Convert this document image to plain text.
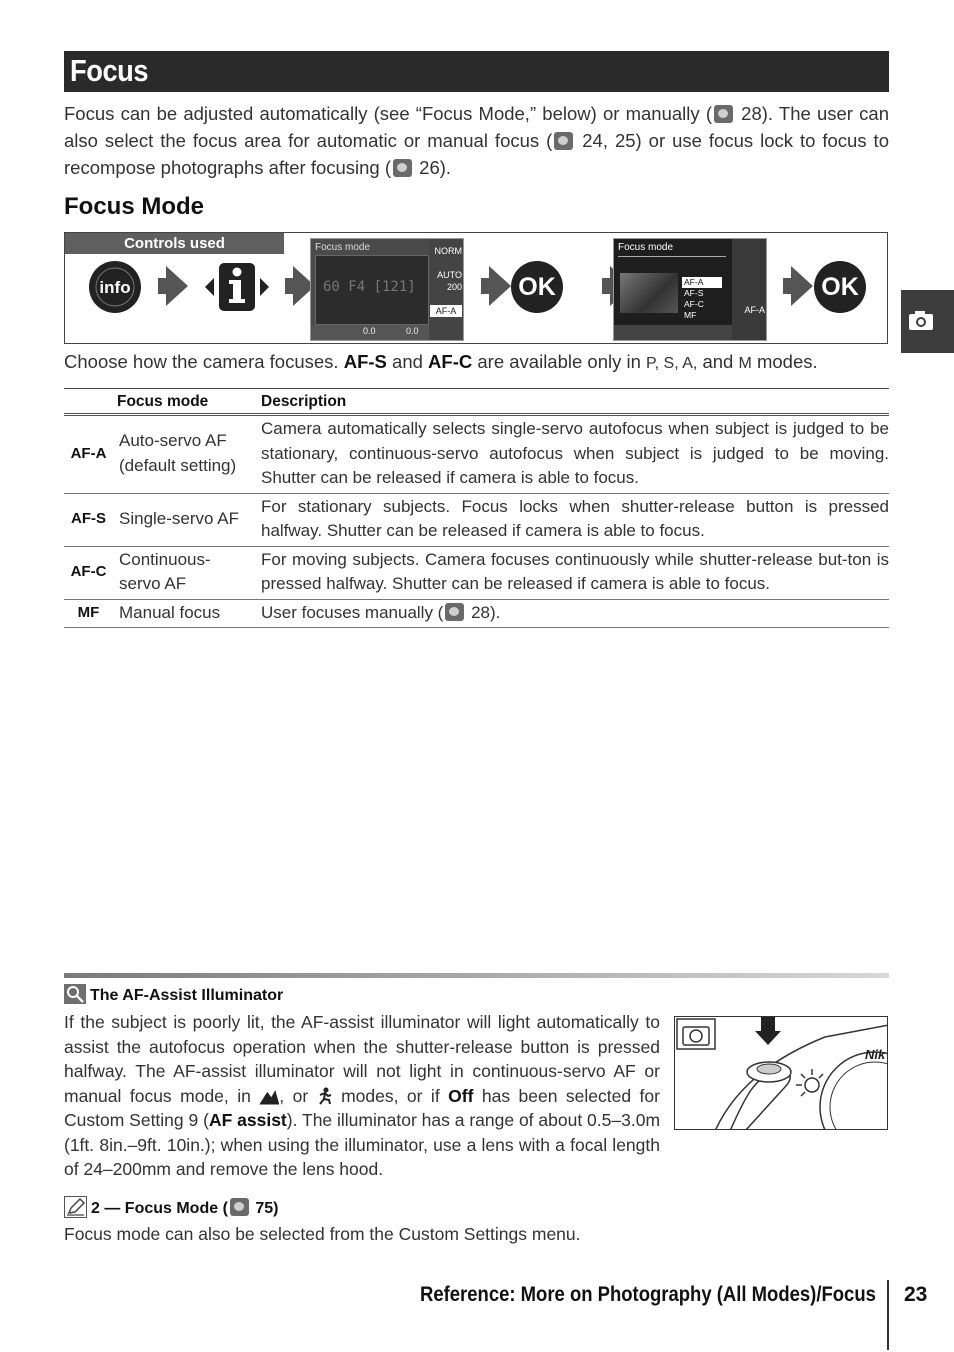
Focus
Focus can be adjusted automatically (see “Focus Mode,” below) or manually ( 28). The user can also select the focus area for automatic or manual focus ( 24, 25) or use focus lock to focus to recompose photographs after focusing ( 26).
Focus Mode
Controls used
info
Focus mode
60 F4 [121]
NORM
AUTO
200
AF-A
0.0	0.0
OK
Focus mode
AF-A
AF-S
AF-C
MF	AF-A
OK
Choose how the camera focuses. AF-S and AF-C are available only in P, S, A, and M modes.
Focus mode		Description
AF-A	Auto-servo AF (default setting)	Camera automatically selects single-servo autofocus when subject is judged to be stationary, continuous-servo autofocus when subject is judged to be moving. Shutter can be released if camera is able to focus.
AF-S	Single-servo AF	For stationary subjects. Focus locks when shutter-release button is pressed halfway. Shutter can be released if camera is able to focus.
AF-C	Continuous-servo AF	For moving subjects. Camera focuses continuously while shutter-release but-ton is pressed halfway. Shutter can be released if camera is able to focus.
MF	Manual focus	User focuses manually ( 28).
The AF-Assist Illuminator
If the subject is poorly lit, the AF-assist illuminator will light automatically to assist the autofocus operation when the shutter-release button is pressed halfway. The AF-assist illuminator will not light in continuous-servo AF or manual focus mode, in , or  modes, or if Off has been selected for Custom Setting 9 (AF assist). The illuminator has a range of about 0.5–3.0m (1ft. 8in.–9ft. 10in.); when using the illuminator, use a lens with a focal length of 24–200mm and remove the lens hood.
Nik
2 — Focus Mode ( 75)
Focus mode can also be selected from the Custom Settings menu.
Reference: More on Photography (All Modes)/Focus 23
